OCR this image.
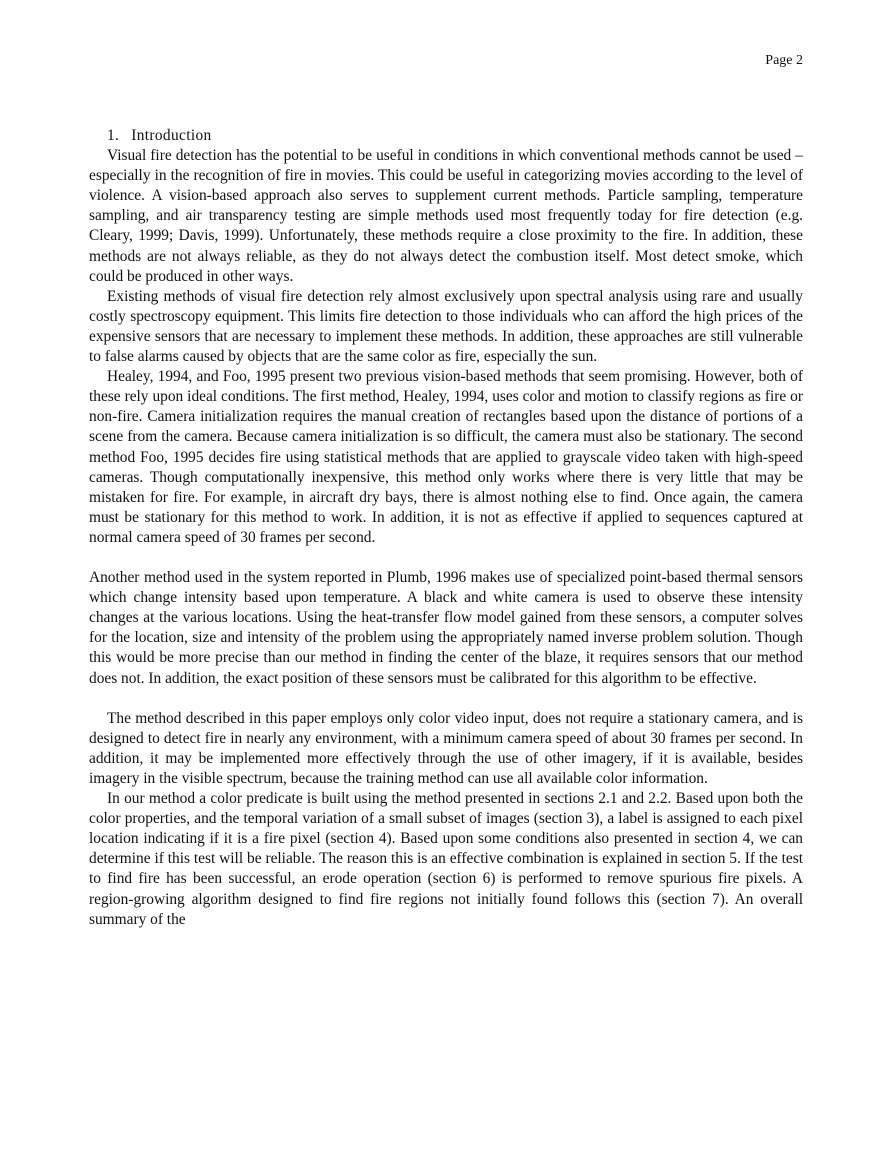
Page 2
1. Introduction

Visual fire detection has the potential to be useful in conditions in which conventional methods cannot be used – especially in the recognition of fire in movies. This could be useful in categorizing movies according to the level of violence. A vision-based approach also serves to supplement current methods. Particle sampling, temperature sampling, and air transparency testing are simple methods used most frequently today for fire detection (e.g. Cleary, 1999; Davis, 1999). Unfortunately, these methods require a close proximity to the fire. In addition, these methods are not always reliable, as they do not always detect the combustion itself. Most detect smoke, which could be produced in other ways.

Existing methods of visual fire detection rely almost exclusively upon spectral analysis using rare and usually costly spectroscopy equipment. This limits fire detection to those individuals who can afford the high prices of the expensive sensors that are necessary to implement these methods. In addition, these approaches are still vulnerable to false alarms caused by objects that are the same color as fire, especially the sun.

Healey, 1994, and Foo, 1995 present two previous vision-based methods that seem promising. However, both of these rely upon ideal conditions. The first method, Healey, 1994, uses color and motion to classify regions as fire or non-fire. Camera initialization requires the manual creation of rectangles based upon the distance of portions of a scene from the camera. Because camera initialization is so difficult, the camera must also be stationary. The second method Foo, 1995 decides fire using statistical methods that are applied to grayscale video taken with high-speed cameras. Though computationally inexpensive, this method only works where there is very little that may be mistaken for fire. For example, in aircraft dry bays, there is almost nothing else to find. Once again, the camera must be stationary for this method to work. In addition, it is not as effective if applied to sequences captured at normal camera speed of 30 frames per second.

Another method used in the system reported in Plumb, 1996 makes use of specialized point-based thermal sensors which change intensity based upon temperature. A black and white camera is used to observe these intensity changes at the various locations. Using the heat-transfer flow model gained from these sensors, a computer solves for the location, size and intensity of the problem using the appropriately named inverse problem solution. Though this would be more precise than our method in finding the center of the blaze, it requires sensors that our method does not. In addition, the exact position of these sensors must be calibrated for this algorithm to be effective.

The method described in this paper employs only color video input, does not require a stationary camera, and is designed to detect fire in nearly any environment, with a minimum camera speed of about 30 frames per second. In addition, it may be implemented more effectively through the use of other imagery, if it is available, besides imagery in the visible spectrum, because the training method can use all available color information.

In our method a color predicate is built using the method presented in sections 2.1 and 2.2. Based upon both the color properties, and the temporal variation of a small subset of images (section 3), a label is assigned to each pixel location indicating if it is a fire pixel (section 4). Based upon some conditions also presented in section 4, we can determine if this test will be reliable. The reason this is an effective combination is explained in section 5. If the test to find fire has been successful, an erode operation (section 6) is performed to remove spurious fire pixels. A region-growing algorithm designed to find fire regions not initially found follows this (section 7). An overall summary of the
